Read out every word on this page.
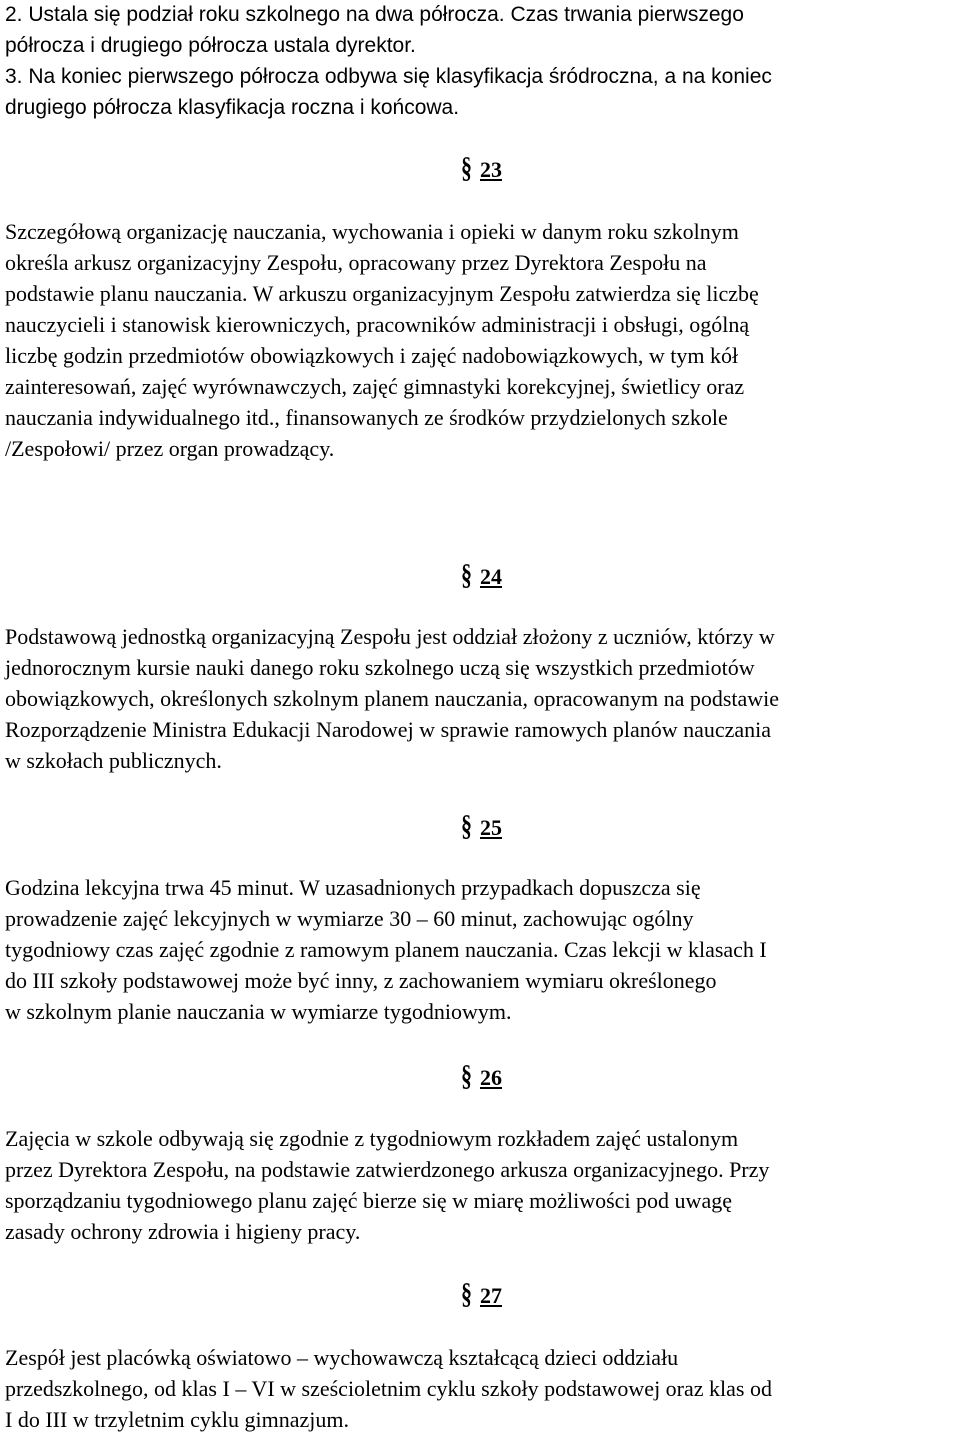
2. Ustala się podział roku szkolnego na dwa półrocza. Czas trwania pierwszego

półrocza i drugiego półrocza ustala dyrektor.

3. Na koniec pierwszego półrocza odbywa się klasyfikacja śródroczna, a na koniec

drugiego półrocza klasyfikacja roczna i końcowa.

§ 23

Szczegółową organizację nauczania, wychowania i opieki w danym roku szkolnym

określa arkusz organizacyjny Zespołu, opracowany przez Dyrektora Zespołu na

podstawie planu nauczania. W arkuszu organizacyjnym Zespołu zatwierdza się liczbę

nauczycieli i stanowisk kierowniczych, pracowników administracji i obsługi, ogólną

liczbę godzin przedmiotów obowiązkowych i zajęć nadobowiązkowych, w tym kół

zainteresowań, zajęć wyrównawczych, zajęć gimnastyki korekcyjnej, świetlicy oraz

nauczania indywidualnego itd., finansowanych ze środków przydzielonych szkole

/Zespołowi/ przez organ prowadzący.

§ 24

Podstawową jednostką organizacyjną Zespołu jest oddział złożony z uczniów, którzy w

jednorocznym kursie nauki danego roku szkolnego uczą się wszystkich przedmiotów

obowiązkowych, określonych szkolnym planem nauczania, opracowanym na podstawie

Rozporządzenie Ministra Edukacji Narodowej w sprawie ramowych planów nauczania

w szkołach publicznych.

§ 25

Godzina lekcyjna trwa 45 minut. W uzasadnionych przypadkach dopuszcza się

prowadzenie zajęć lekcyjnych w wymiarze 30 – 60 minut, zachowując ogólny

tygodniowy czas zajęć zgodnie z ramowym planem nauczania. Czas lekcji w klasach I

do III szkoły podstawowej może być inny, z zachowaniem wymiaru określonego

w szkolnym planie nauczania w wymiarze tygodniowym.

§ 26

Zajęcia w szkole odbywają się zgodnie z tygodniowym rozkładem zajęć ustalonym

przez Dyrektora Zespołu, na podstawie zatwierdzonego arkusza organizacyjnego. Przy

sporządzaniu tygodniowego planu zajęć bierze się w miarę możliwości pod uwagę

zasady ochrony zdrowia i higieny pracy.

§ 27

Zespół jest placówką oświatowo – wychowawczą kształcącą dzieci oddziału

przedszkolnego, od klas I – VI w sześcioletnim cyklu szkoły podstawowej oraz klas od

I do III w trzyletnim cyklu gimnazjum.
